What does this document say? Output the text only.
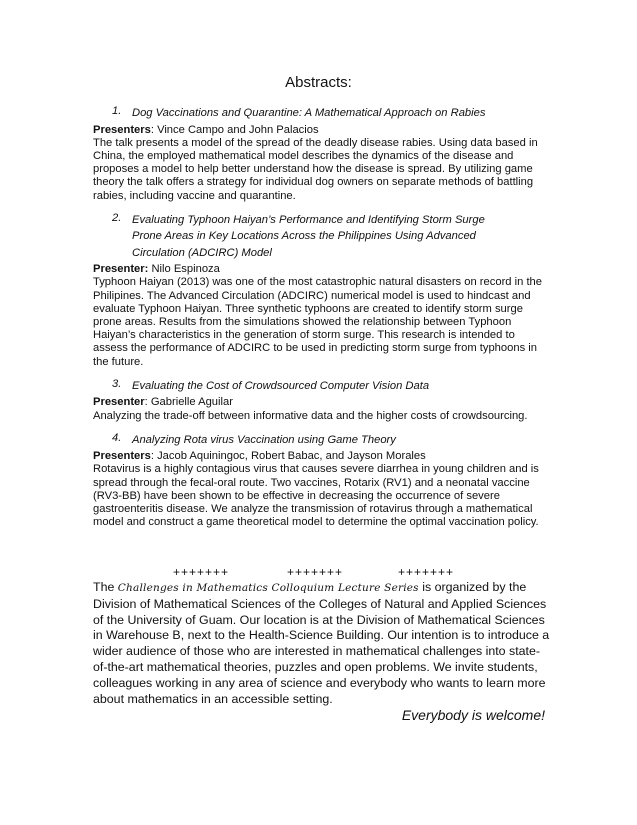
Abstracts:
1. Dog Vaccinations and Quarantine: A Mathematical Approach on Rabies

Presenters: Vince Campo and John Palacios

The talk presents a model of the spread of the deadly disease rabies. Using data based in China, the employed mathematical model describes the dynamics of the disease and proposes a model to help better understand how the disease is spread. By utilizing game theory the talk offers a strategy for individual dog owners on separate methods of battling rabies, including vaccine and quarantine.

2. Evaluating Typhoon Haiyan’s Performance and Identifying Storm Surge Prone Areas in Key Locations Across the Philippines Using Advanced Circulation (ADCIRC) Model

Presenter: Nilo Espinoza

Typhoon Haiyan (2013) was one of the most catastrophic natural disasters on record in the Philipines. The Advanced Circulation (ADCIRC) numerical model is used to hindcast and evaluate Typhoon Haiyan. Three synthetic typhoons are created to identify storm surge prone areas. Results from the simulations showed the relationship between Typhoon Haiyan’s characteristics in the generation of storm surge. This research is intended to assess the performance of ADCIRC to be used in predicting storm surge from typhoons in the future.

3. Evaluating the Cost of Crowdsourced Computer Vision Data

Presenter: Gabrielle Aguilar

Analyzing the trade-off between informative data and the higher costs of crowdsourcing.

4. Analyzing Rota virus Vaccination using Game Theory

Presenters: Jacob Aquiningoc, Robert Babac, and Jayson Morales

Rotavirus is a highly contagious virus that causes severe diarrhea in young children and is spread through the fecal-oral route. Two vaccines, Rotarix (RV1) and a neonatal vaccine (RV3-BB) have been shown to be effective in decreasing the occurrence of severe gastroenteritis disease. We analyze the transmission of rotavirus through a mathematical model and construct a game theoretical model to determine the optimal vaccination policy.

+++++++	+++++++	+++++++
The Challenges in Mathematics Colloquium Lecture Series is organized by the Division of Mathematical Sciences of the Colleges of Natural and Applied Sciences of the University of Guam. Our location is at the Division of Mathematical Sciences in Warehouse B, next to the Health-Science Building. Our intention is to introduce a wider audience of those who are interested in mathematical challenges into state-of-the-art mathematical theories, puzzles and open problems. We invite students, colleagues working in any area of science and everybody who wants to learn more about mathematics in an accessible setting.
Everybody is welcome!
